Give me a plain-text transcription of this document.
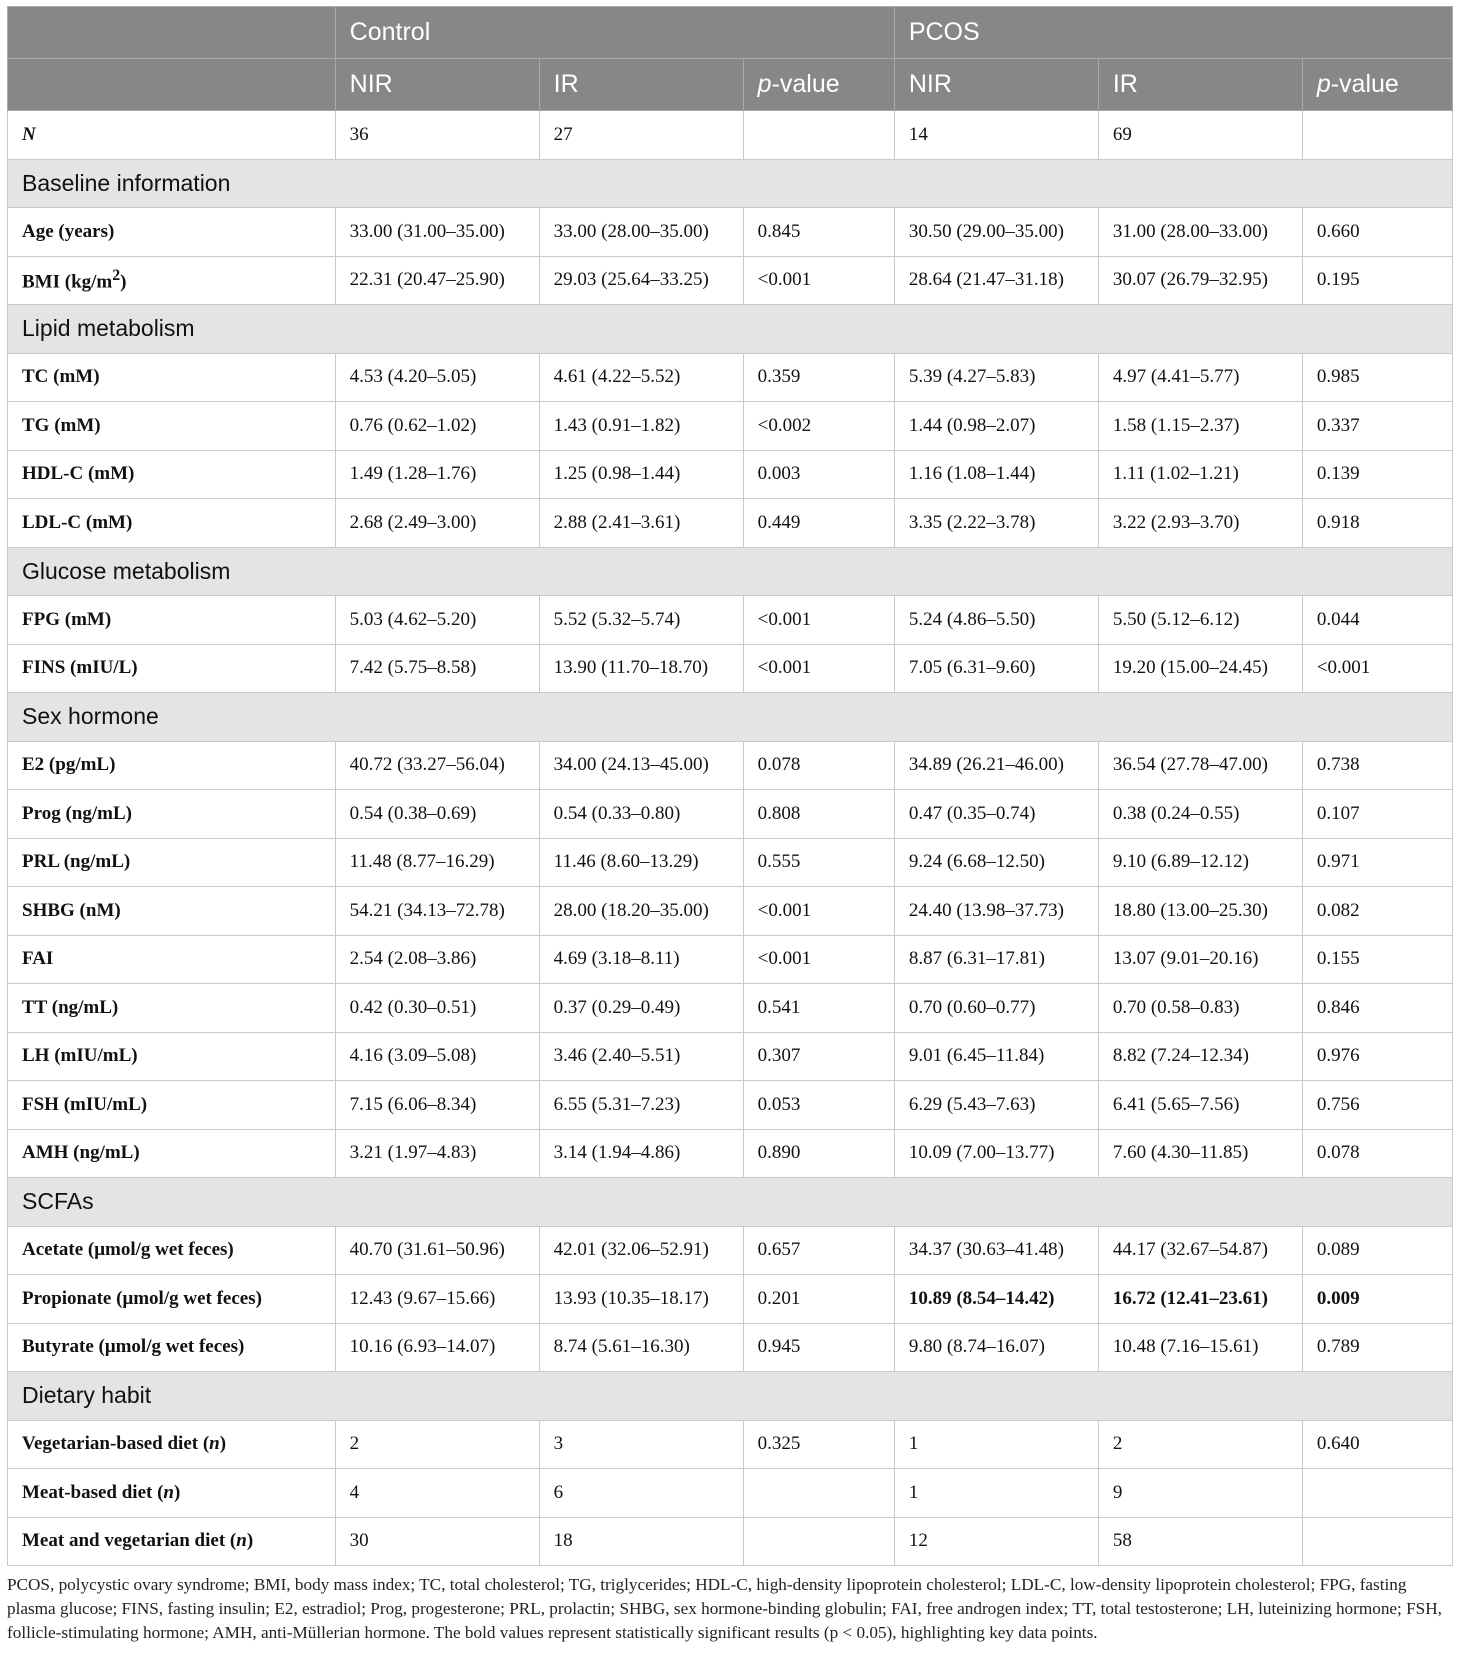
	Control			PCOS		
	NIR	IR	p-value	NIR	IR	p-value
N	36	27		14	69	
Baseline information						
Age (years)	33.00 (31.00–35.00)	33.00 (28.00–35.00)	0.845	30.50 (29.00–35.00)	31.00 (28.00–33.00)	0.660
BMI $(kg/m^2)$	22.31 (20.47–25.90)	29.03 (25.64–33.25)	<0.001	28.64 (21.47–31.18)	30.07 (26.79–32.95)	0.195
Lipid metabolism						
TC (mM)	4.53 (4.20–5.05)	4.61 (4.22–5.52)	0.359	5.39 (4.27–5.83)	4.97 (4.41–5.77)	0.985
TG (mM)	0.76 (0.62–1.02)	1.43 (0.91–1.82)	<0.002	1.44 (0.98–2.07)	1.58 (1.15–2.37)	0.337
HDL-C (mM)	1.49 (1.28–1.76)	1.25 (0.98–1.44)	0.003	1.16 (1.08–1.44)	1.11 (1.02–1.21)	0.139
LDL-C (mM)	2.68 (2.49–3.00)	2.88 (2.41–3.61)	0.449	3.35 (2.22–3.78)	3.22 (2.93–3.70)	0.918
Glucose metabolism						
FPG (mM)	5.03 (4.62–5.20)	5.52 (5.32–5.74)	<0.001	5.24 (4.86–5.50)	5.50 (5.12–6.12)	0.044
FINS (mIU/L)	7.42 (5.75–8.58)	13.90 (11.70–18.70)	<0.001	7.05 (6.31–9.60)	19.20 (15.00–24.45)	<0.001
Sex hormone						
E2 (pg/mL)	40.72 (33.27–56.04)	34.00 (24.13–45.00)	0.078	34.89 (26.21–46.00)	36.54 (27.78–47.00)	0.738
Prog (ng/mL)	0.54 (0.38–0.69)	0.54 (0.33–0.80)	0.808	0.47 (0.35–0.74)	0.38 (0.24–0.55)	0.107
PRL (ng/mL)	11.48 (8.77–16.29)	11.46 (8.60–13.29)	0.555	9.24 (6.68–12.50)	9.10 (6.89–12.12)	0.971
SHBG (nM)	54.21 (34.13–72.78)	28.00 (18.20–35.00)	<0.001	24.40 (13.98–37.73)	18.80 (13.00–25.30)	0.082
FAI	2.54 (2.08–3.86)	4.69 (3.18–8.11)	<0.001	8.87 (6.31–17.81)	13.07 (9.01–20.16)	0.155
TT (ng/mL)	0.42 (0.30–0.51)	0.37 (0.29–0.49)	0.541	0.70 (0.60–0.77)	0.70 (0.58–0.83)	0.846
LH (mIU/mL)	4.16 (3.09–5.08)	3.46 (2.40–5.51)	0.307	9.01 (6.45–11.84)	8.82 (7.24–12.34)	0.976
FSH (mIU/mL)	7.15 (6.06–8.34)	6.55 (5.31–7.23)	0.053	6.29 (5.43–7.63)	6.41 (5.65–7.56)	0.756
AMH (ng/mL)	3.21 (1.97–4.83)	3.14 (1.94–4.86)	0.890	10.09 (7.00–13.77)	7.60 (4.30–11.85)	0.078
SCFAs						
Acetate (μmol/g wet feces)	40.70 (31.61–50.96)	42.01 (32.06–52.91)	0.657	34.37 (30.63–41.48)	44.17 (32.67–54.87)	0.089
Propionate (μmol/g wet feces)	12.43 (9.67–15.66)	13.93 (10.35–18.17)	0.201	10.89 (8.54–14.42)	16.72 (12.41–23.61)	0.009
Butyrate (μmol/g wet feces)	10.16 (6.93–14.07)	8.74 (5.61–16.30)	0.945	9.80 (8.74–16.07)	10.48 (7.16–15.61)	0.789
Dietary habit						
Vegetarian-based diet (n)	2	3	0.325	1	2	0.640
Meat-based diet (n)	4	6		1	9	
Meat and vegetarian diet (n)	30	18		12	58	
PCOS, polycystic ovary syndrome; BMI, body mass index; TC, total cholesterol; TG, triglycerides; HDL-C, high-density lipoprotein cholesterol; LDL-C, low-density lipoprotein cholesterol; FPG, fasting plasma glucose; FINS, fasting insulin; E2, estradiol; Prog, progesterone; PRL, prolactin; SHBG, sex hormone-binding globulin; FAI, free androgen index; TT, total testosterone; LH, luteinizing hormone; FSH, follicle-stimulating hormone; AMH, anti-Müllerian hormone. The bold values represent statistically significant results (p < 0.05), highlighting key data points.
